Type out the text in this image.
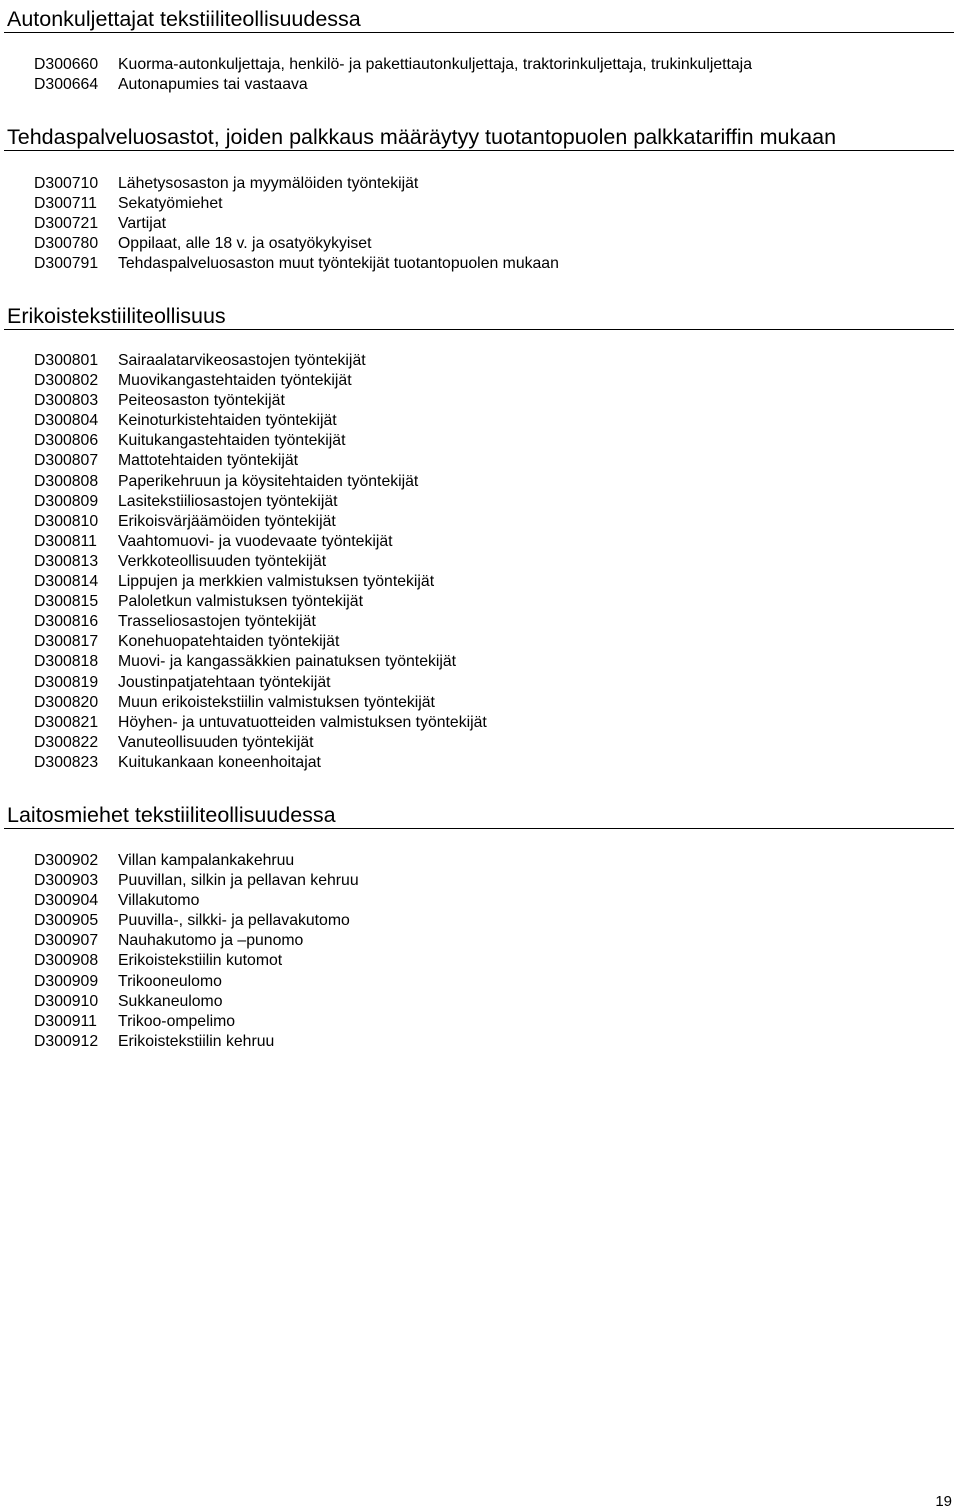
Autonkuljettajat tekstiiliteollisuudessa
D300660 Kuorma-autonkuljettaja, henkilö- ja pakettiautonkuljettaja, traktorinkuljettaja, trukinkuljettaja
D300664 Autonapumies tai vastaava
Tehdaspalveluosastot, joiden palkkaus määräytyy tuotantopuolen palkkatariffin mukaan
D300710 Lähetysosaston ja myymälöiden työntekijät
D300711 Sekatyömiehet
D300721 Vartijat
D300780 Oppilaat, alle 18 v. ja osatyökykyiset
D300791 Tehdaspalveluosaston muut työntekijät tuotantopuolen mukaan
Erikoistekstiiliteollisuus
D300801 Sairaalatarvikeosastojen työntekijät
D300802 Muovikangastehtaiden työntekijät
D300803 Peiteosaston työntekijät
D300804 Keinoturkistehtaiden työntekijät
D300806 Kuitukangastehtaiden työntekijät
D300807 Mattotehtaiden työntekijät
D300808 Paperikehruun ja köysitehtaiden työntekijät
D300809 Lasitekstiiliosastojen työntekijät
D300810 Erikoisvärjäämöiden työntekijät
D300811 Vaahtomuovi- ja vuodevaate työntekijät
D300813 Verkkoteollisuuden työntekijät
D300814 Lippujen ja merkkien valmistuksen työntekijät
D300815 Paloletkun valmistuksen työntekijät
D300816 Trasseliosastojen työntekijät
D300817 Konehuopatehtaiden työntekijät
D300818 Muovi- ja kangassäkkien painatuksen työntekijät
D300819 Joustinpatjatehtaan työntekijät
D300820 Muun erikoistekstiilin valmistuksen työntekijät
D300821 Höyhen- ja untuvatuotteiden valmistuksen työntekijät
D300822 Vanuteollisuuden työntekijät
D300823 Kuitukankaan koneenhoitajat
Laitosmiehet tekstiiliteollisuudessa
D300902 Villan kampalankakehruu
D300903 Puuvillan, silkin ja pellavan kehruu
D300904 Villakutomo
D300905 Puuvilla-, silkki- ja pellavakutomo
D300907 Nauhakutomo ja –punomo
D300908 Erikoistekstiilin kutomot
D300909 Trikooneulomo
D300910 Sukkaneulomo
D300911 Trikoo-ompelimo
D300912 Erikoistekstiilin kehruu
19
